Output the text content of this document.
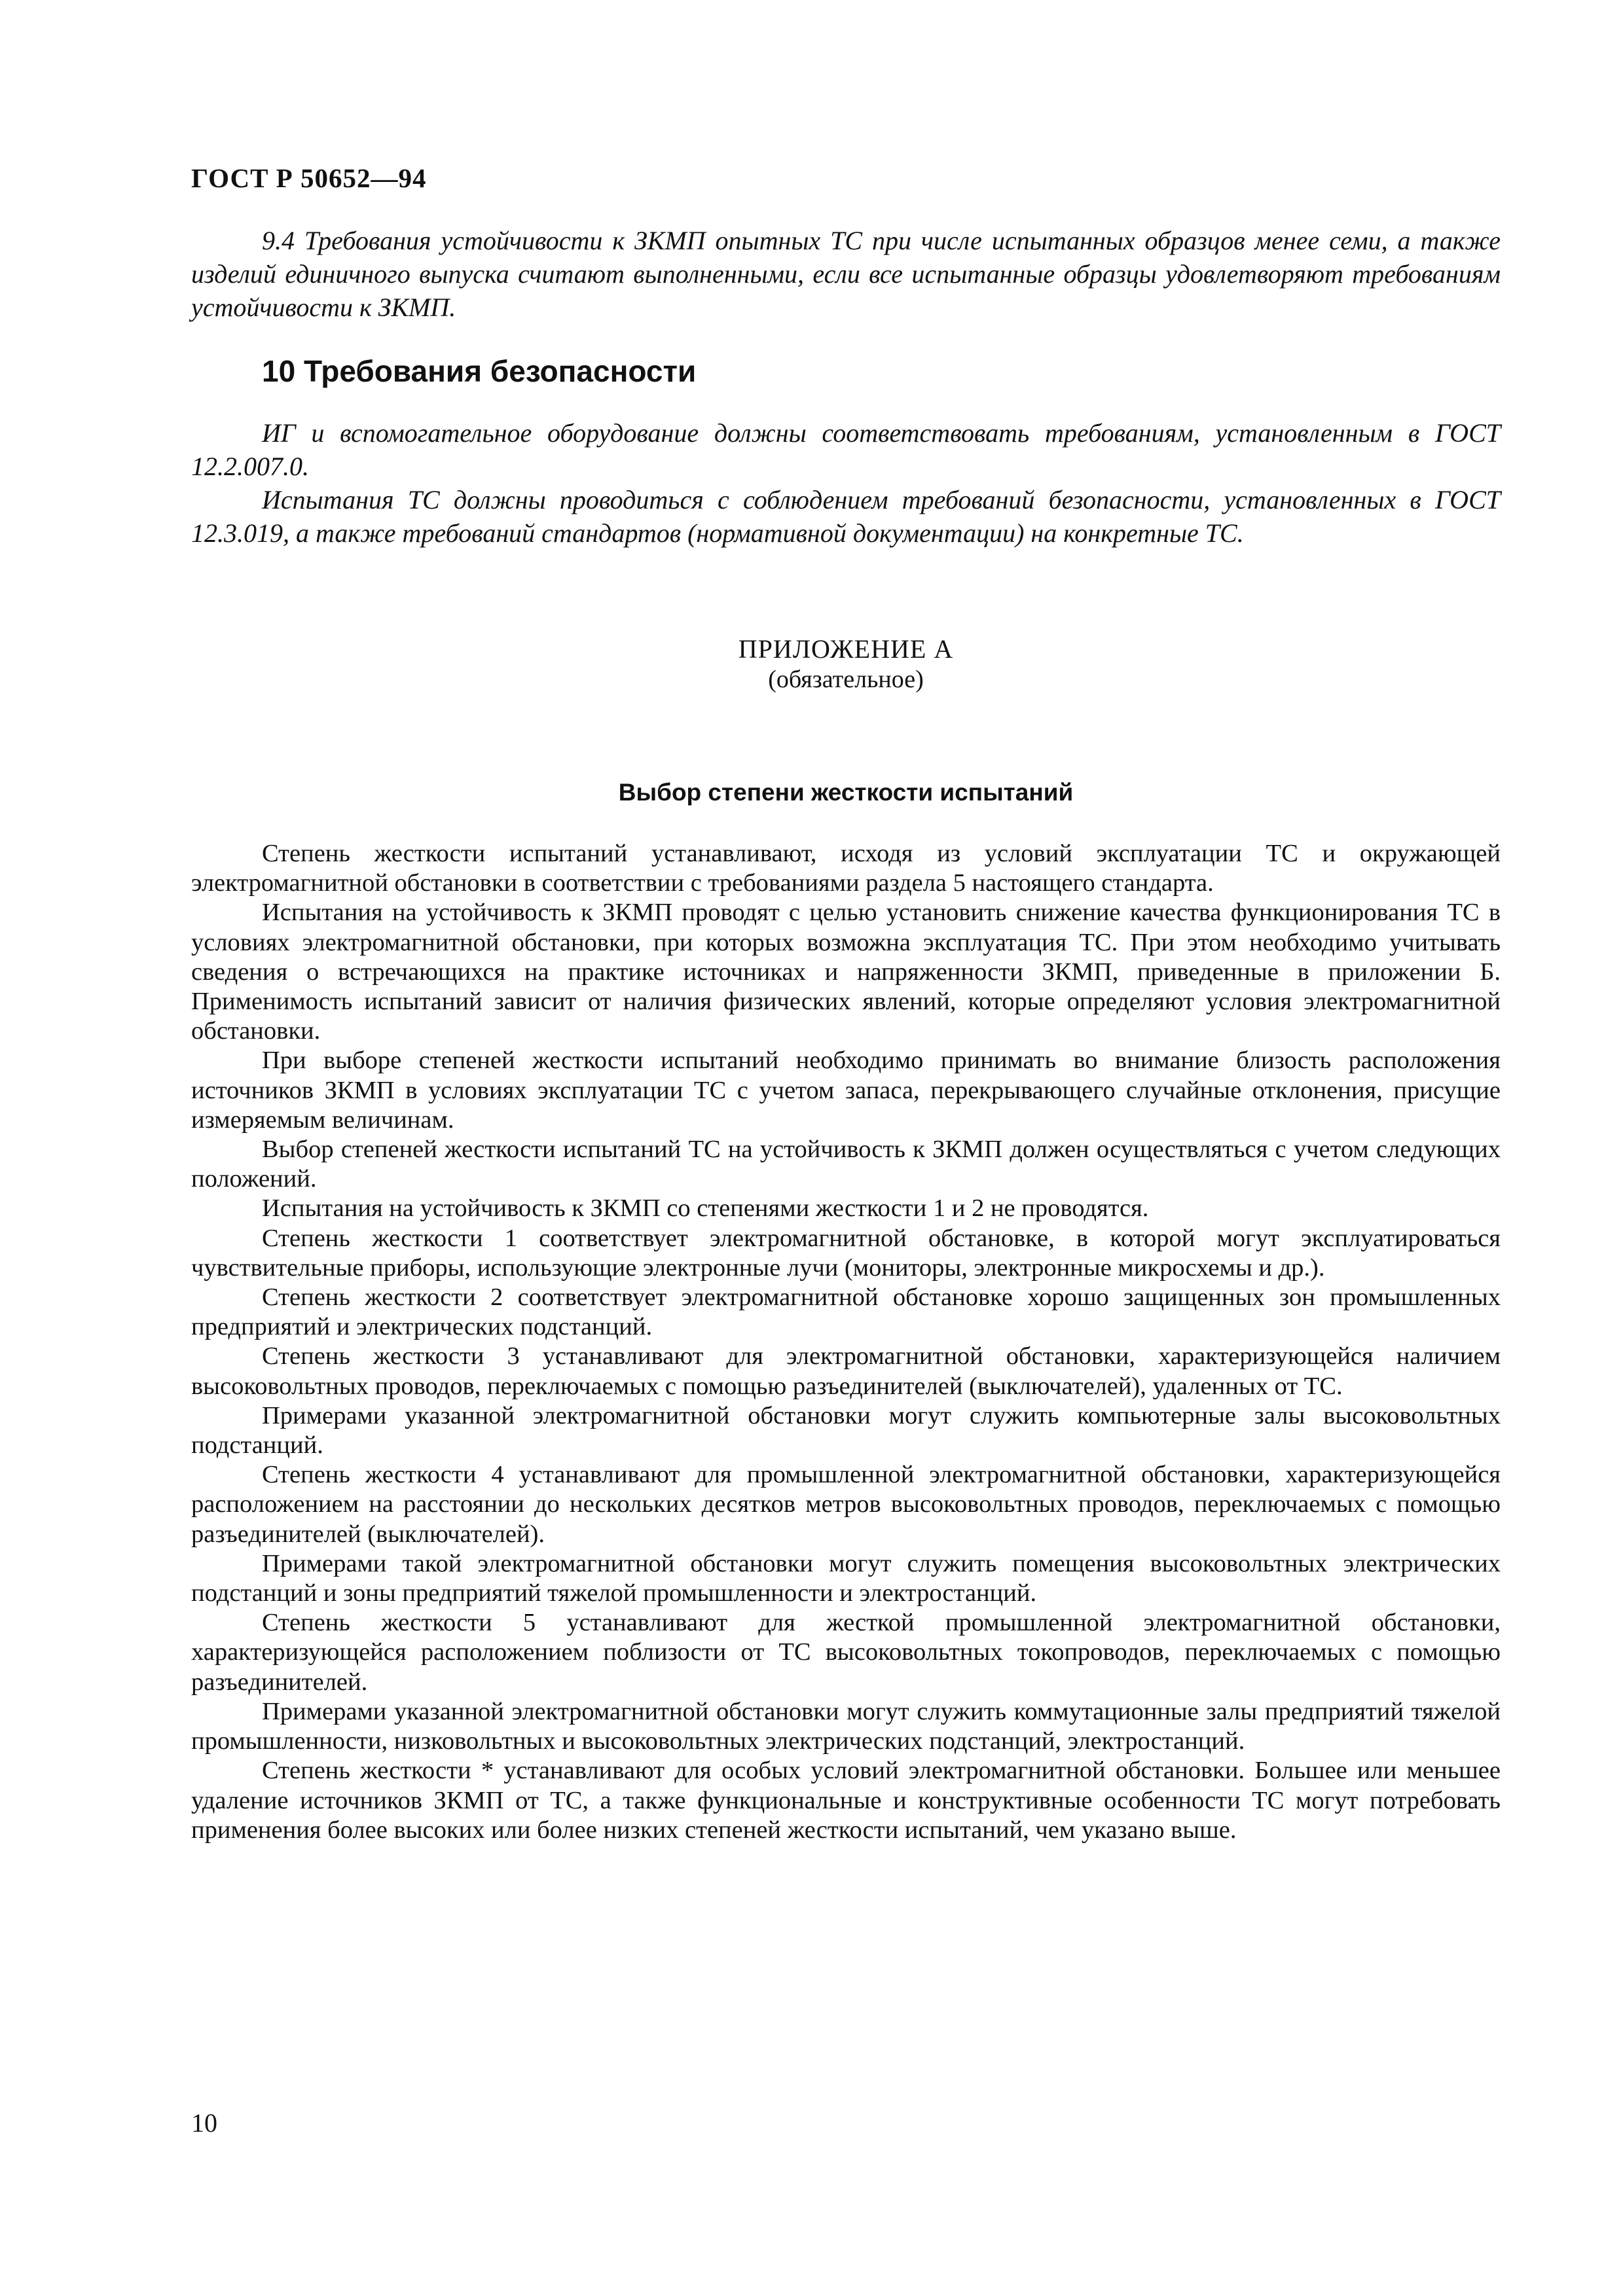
ГОСТ Р 50652—94

9.4 Требования устойчивости к ЗКМП опытных ТС при числе испытанных образцов менее семи, а также изделий единичного выпуска считают выполненными, если все испытанные образцы удовлетворяют требованиям устойчивости к ЗКМП.

10 Требования безопасности

ИГ и вспомогательное оборудование должны соответствовать требованиям, установленным в ГОСТ 12.2.007.0.

Испытания ТС должны проводиться с соблюдением требований безопасности, установленных в ГОСТ 12.3.019, а также требований стандартов (нормативной документации) на конкретные ТС.

ПРИЛОЖЕНИЕ А
(обязательное)
Выбор степени жесткости испытаний

Степень жесткости испытаний устанавливают, исходя из условий эксплуатации ТС и окружающей электромагнитной обстановки в соответствии с требованиями раздела 5 настоящего стандарта.

Испытания на устойчивость к ЗКМП проводят с целью установить снижение качества функционирования ТС в условиях электромагнитной обстановки, при которых возможна эксплуатация ТС. При этом необходимо учитывать сведения о встречающихся на практике источниках и напряженности ЗКМП, приведенные в приложении Б. Применимость испытаний зависит от наличия физических явлений, которые определяют условия электромагнитной обстановки.

При выборе степеней жесткости испытаний необходимо принимать во внимание близость расположения источников ЗКМП в условиях эксплуатации ТС с учетом запаса, перекрывающего случайные отклонения, присущие измеряемым величинам.

Выбор степеней жесткости испытаний ТС на устойчивость к ЗКМП должен осуществляться с учетом следующих положений.

Испытания на устойчивость к ЗКМП со степенями жесткости 1 и 2 не проводятся.

Степень жесткости 1 соответствует электромагнитной обстановке, в которой могут эксплуатироваться чувствительные приборы, использующие электронные лучи (мониторы, электронные микросхемы и др.).

Степень жесткости 2 соответствует электромагнитной обстановке хорошо защищенных зон промышленных предприятий и электрических подстанций.

Степень жесткости 3 устанавливают для электромагнитной обстановки, характеризующейся наличием высоковольтных проводов, переключаемых с помощью разъединителей (выключателей), удаленных от ТС.

Примерами указанной электромагнитной обстановки могут служить компьютерные залы высоковольтных подстанций.

Степень жесткости 4 устанавливают для промышленной электромагнитной обстановки, характеризующейся расположением на расстоянии до нескольких десятков метров высоковольтных проводов, переключаемых с помощью разъединителей (выключателей).

Примерами такой электромагнитной обстановки могут служить помещения высоковольтных электрических подстанций и зоны предприятий тяжелой промышленности и электростанций.

Степень жесткости 5 устанавливают для жесткой промышленной электромагнитной обстановки, характеризующейся расположением поблизости от ТС высоковольтных токопроводов, переключаемых с помощью разъединителей.

Примерами указанной электромагнитной обстановки могут служить коммутационные залы предприятий тяжелой промышленности, низковольтных и высоковольтных электрических подстанций, электростанций.

Степень жесткости * устанавливают для особых условий электромагнитной обстановки. Большее или меньшее удаление источников ЗКМП от ТС, а также функциональные и конструктивные особенности ТС могут потребовать применения более высоких или более низких степеней жесткости испытаний, чем указано выше.

10
